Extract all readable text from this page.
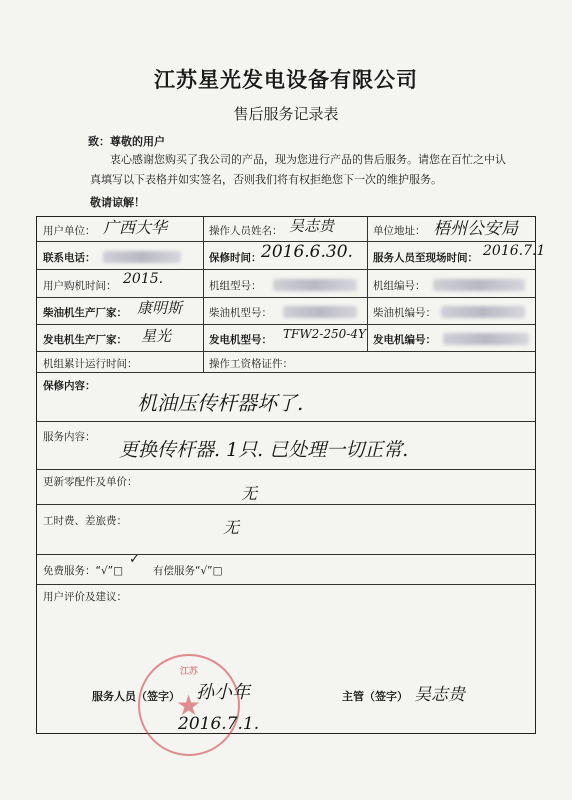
江苏星光发电设备有限公司
售后服务记录表
致：尊敬的用户
衷心感谢您购买了我公司的产品，现为您进行产品的售后服务。请您在百忙之中认真填写以下表格并如实签名，否则我们将有权拒绝您下一次的维护服务。
敬请谅解！
用户单位： 广西大华	操作人员姓名： 吴志贵	单位地址： 梧州公安局
联系电话：	保修时间： 2016.6.30. 服务人员至现场时间： 2016.7.1
用户购机时间： 2015.	机组型号：	机组编号：
柴油机生产厂家： 康明斯	柴油机型号：	柴油机编号：
发电机生产厂家： 星光	发电机型号： TFW2-250-4Y 发电机编号：
机组累计运行时间：	操作工资格证件：
保修内容：
机油压传杆器坏了.
服务内容：
更换传杆器. 1只. 已处理一切正常.
更新零配件及单价：
无
工时费、差旅费：	无
免费服务：“√”□
✓
有偿服务“√”□
用户评价及建议：
★
江苏
服务人员（签字） 孙小年
2016.7.1.
主管（签字） 吴志贵
